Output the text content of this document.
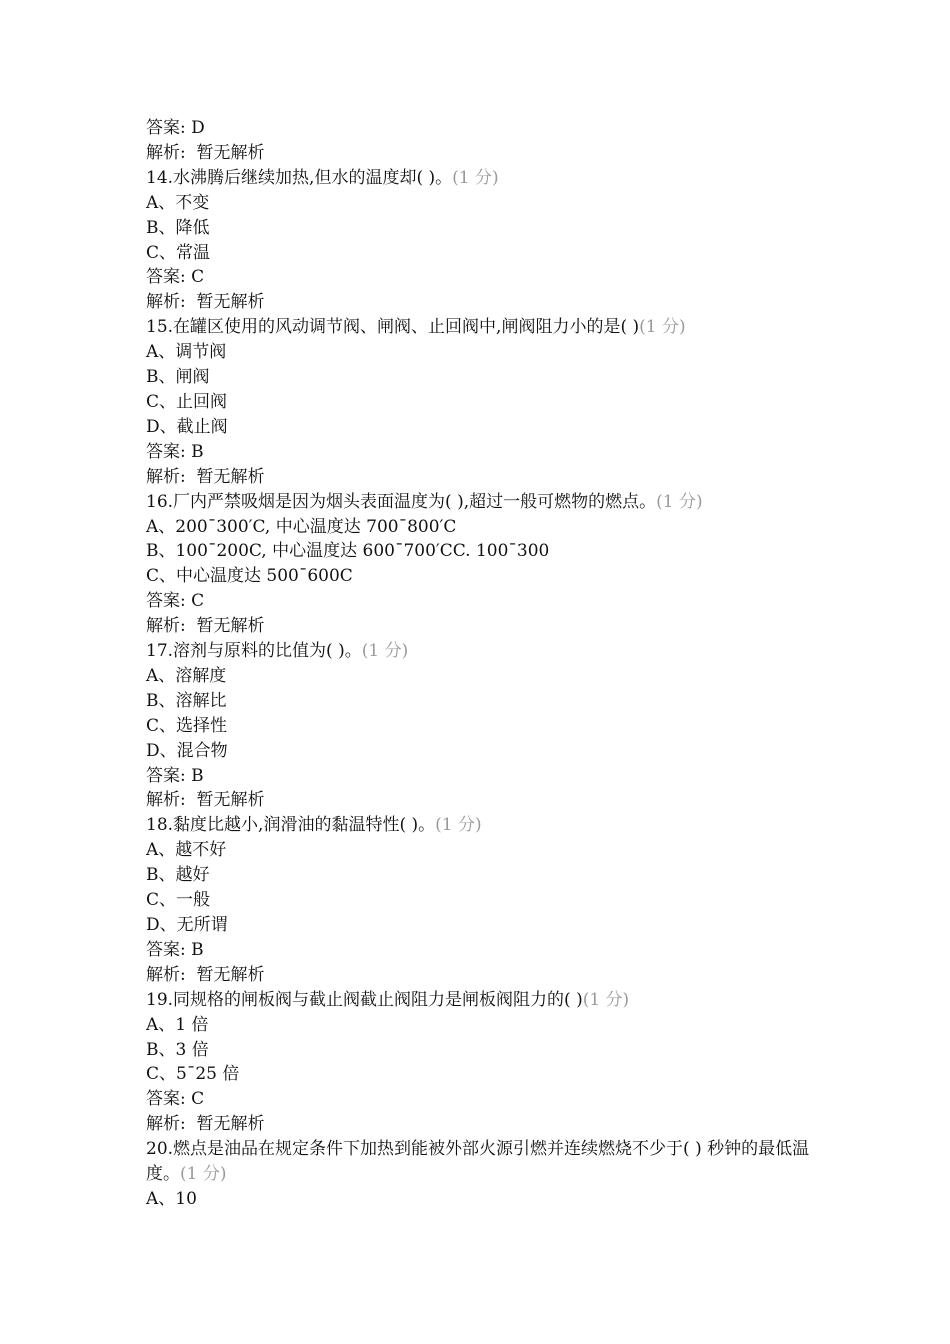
答案: D
解析:  暂无解析
14.水沸腾后继续加热,但水的温度却( )。(1 分)
A、不变
B、降低
C、常温
答案: C
解析:  暂无解析
15.在罐区使用的风动调节阀、闸阀、止回阀中,闸阀阻力小的是( )(1 分)
A、调节阀
B、闸阀
C、止回阀
D、截止阀
答案: B
解析:  暂无解析
16.厂内严禁吸烟是因为烟头表面温度为( ),超过一般可燃物的燃点。(1 分)
A、200¯300′C, 中心温度达 700¯800′C
B、100¯200C, 中心温度达 600¯700′CC. 100¯300
C、中心温度达 500¯600C
答案: C
解析:  暂无解析
17.溶剂与原料的比值为( )。(1 分)
A、溶解度
B、溶解比
C、选择性
D、混合物
答案: B
解析:  暂无解析
18.黏度比越小,润滑油的黏温特性( )。(1 分)
A、越不好
B、越好
C、一般
D、无所谓
答案: B
解析:  暂无解析
19.同规格的闸板阀与截止阀截止阀阻力是闸板阀阻力的( )(1 分)
A、1 倍
B、3 倍
C、5¯25 倍
答案: C
解析:  暂无解析
20.燃点是油品在规定条件下加热到能被外部火源引燃并连续燃烧不少于( ) 秒钟的最低温度。(1 分)
A、10
